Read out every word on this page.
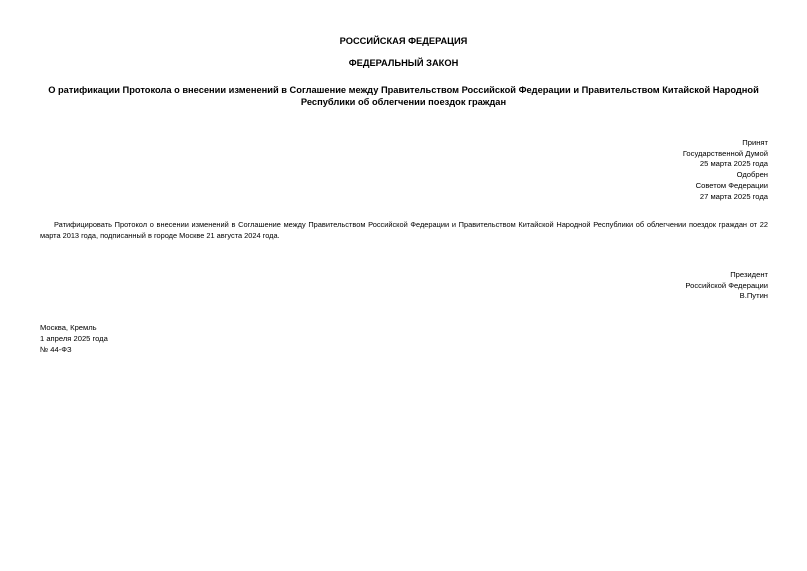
РОССИЙСКАЯ ФЕДЕРАЦИЯ
ФЕДЕРАЛЬНЫЙ ЗАКОН
О ратификации Протокола о внесении изменений в Соглашение между Правительством Российской Федерации и Правительством Китайской Народной Республики об облегчении поездок граждан
Принят
Государственной Думой
25 марта 2025 года
Одобрен
Советом Федерации
27 марта 2025 года
Ратифицировать Протокол о внесении изменений в Соглашение между Правительством Российской Федерации и Правительством Китайской Народной Республики об облегчении поездок граждан от 22 марта 2013 года, подписанный в городе Москве 21 августа 2024 года.
Президент
Российской Федерации
В.Путин
Москва, Кремль
1 апреля 2025 года
№ 44-ФЗ
